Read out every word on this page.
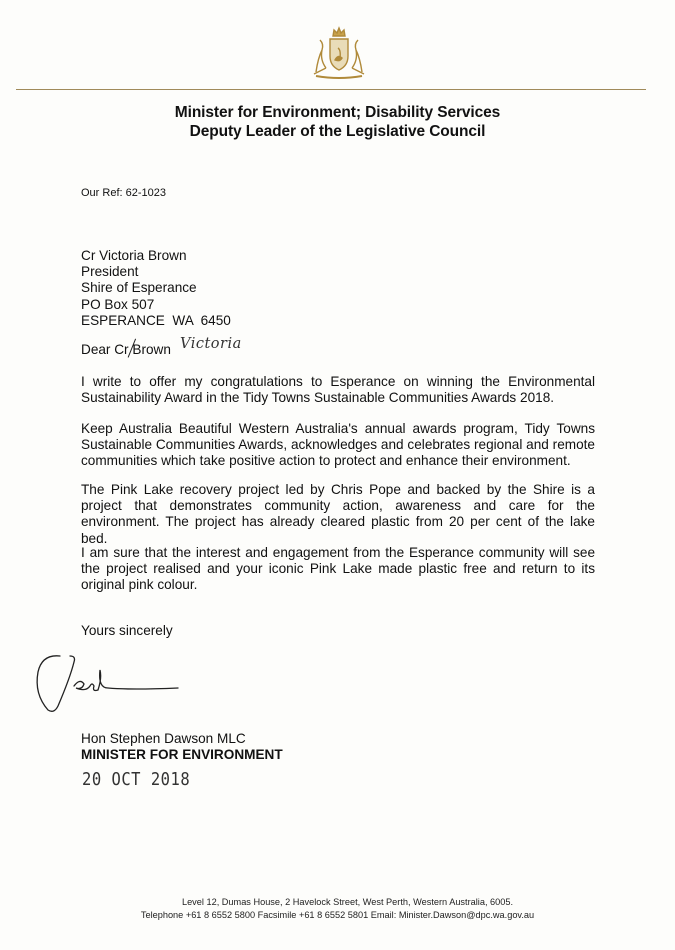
Minister for Environment; Disability Services
Deputy Leader of the Legislative Council
Our Ref: 62-1023
Cr Victoria Brown
President
Shire of Esperance
PO Box 507
ESPERANCE  WA  6450
Dear Cr B
rown Victoria
I write to offer my congratulations to Esperance on winning the Environmental Sustainability Award in the Tidy Towns Sustainable Communities Awards 2018.
Keep Australia Beautiful Western Australia's annual awards program, Tidy Towns Sustainable Communities Awards, acknowledges and celebrates regional and remote communities which take positive action to protect and enhance their environment.
The Pink Lake recovery project led by Chris Pope and backed by the Shire is a project that demonstrates community action, awareness and care for the environment. The project has already cleared plastic from 20 per cent of the lake bed.
I am sure that the interest and engagement from the Esperance community will see the project realised and your iconic Pink Lake made plastic free and return to its original pink colour.
Yours sincerely
Hon Stephen Dawson MLC
MINISTER FOR ENVIRONMENT
20 OCT 2018
Level 12, Dumas House, 2 Havelock Street, West Perth, Western Australia, 6005.
Telephone +61 8 6552 5800 Facsimile +61 8 6552 5801 Email: Minister.Dawson@dpc.wa.gov.au
